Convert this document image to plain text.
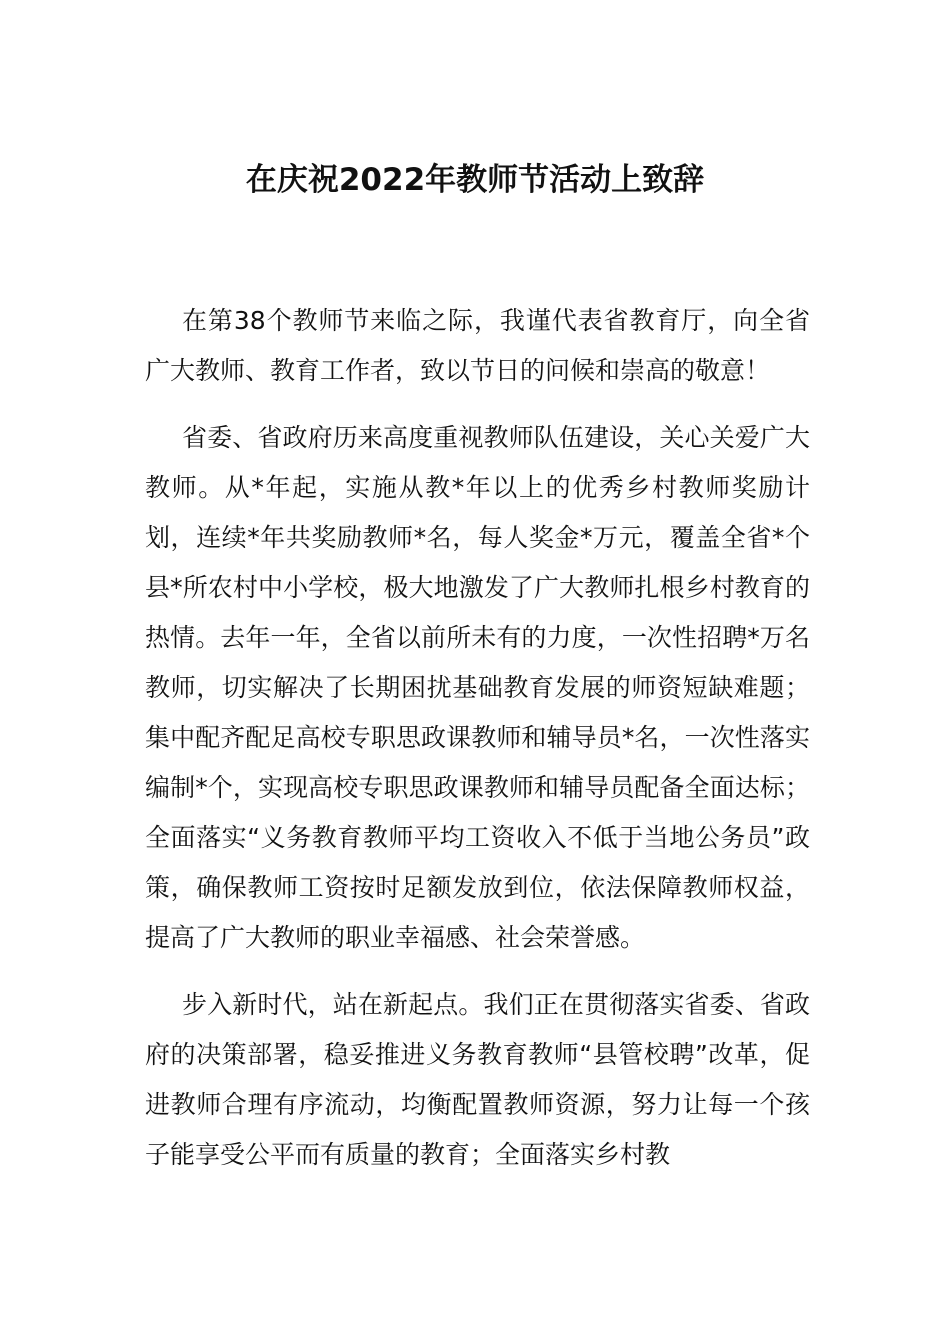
在庆祝2022年教师节活动上致辞

在第38个教师节来临之际，我谨代表省教育厅，向全省广大教师、教育工作者，致以节日的问候和崇高的敬意！

省委、省政府历来高度重视教师队伍建设，关心关爱广大教师。从*年起，实施从教*年以上的优秀乡村教师奖励计划，连续*年共奖励教师*名，每人奖金*万元，覆盖全省*个县*所农村中小学校，极大地激发了广大教师扎根乡村教育的热情。去年一年，全省以前所未有的力度，一次性招聘*万名教师，切实解决了长期困扰基础教育发展的师资短缺难题；集中配齐配足高校专职思政课教师和辅导员*名，一次性落实编制*个，实现高校专职思政课教师和辅导员配备全面达标；全面落实“义务教育教师平均工资收入不低于当地公务员”政策，确保教师工资按时足额发放到位，依法保障教师权益，提高了广大教师的职业幸福感、社会荣誉感。

步入新时代，站在新起点。我们正在贯彻落实省委、省政府的决策部署，稳妥推进义务教育教师“县管校聘”改革，促进教师合理有序流动，均衡配置教师资源，努力让每一个孩子能享受公平而有质量的教育；全面落实乡村教
